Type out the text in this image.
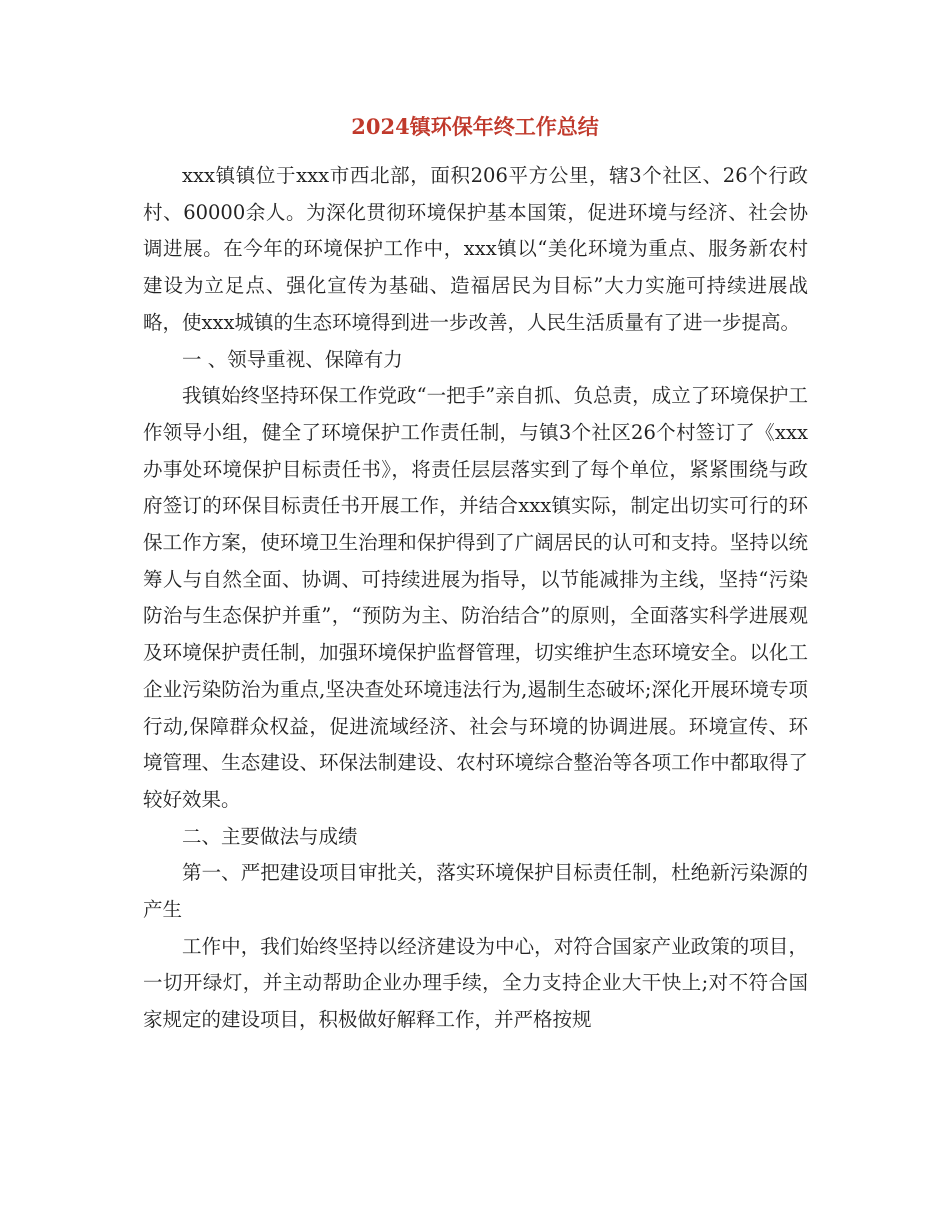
2024镇环保年终工作总结

xxx镇镇位于xxx市西北部，面积206平方公里，辖3个社区、26个行政村、60000余人。为深化贯彻环境保护基本国策，促进环境与经济、社会协调进展。在今年的环境保护工作中，xxx镇以“美化环境为重点、服务新农村建设为立足点、强化宣传为基础、造福居民为目标”大力实施可持续进展战略，使xxx城镇的生态环境得到进一步改善，人民生活质量有了进一步提高。

一 、领导重视、保障有力

我镇始终坚持环保工作党政“一把手”亲自抓、负总责，成立了环境保护工作领导小组，健全了环境保护工作责任制，与镇3个社区26个村签订了《xxx办事处环境保护目标责任书》，将责任层层落实到了每个单位，紧紧围绕与政府签订的环保目标责任书开展工作，并结合xxx镇实际，制定出切实可行的环保工作方案，使环境卫生治理和保护得到了广阔居民的认可和支持。坚持以统筹人与自然全面、协调、可持续进展为指导，以节能减排为主线，坚持“污染防治与生态保护并重”，“预防为主、防治结合”的原则，全面落实科学进展观及环境保护责任制，加强环境保护监督管理，切实维护生态环境安全。以化工企业污染防治为重点,坚决查处环境违法行为,遏制生态破坏;深化开展环境专项行动,保障群众权益，促进流域经济、社会与环境的协调进展。环境宣传、环境管理、生态建设、环保法制建设、农村环境综合整治等各项工作中都取得了较好效果。

二、主要做法与成绩

第一、严把建设项目审批关，落实环境保护目标责任制，杜绝新污染源的产生

工作中，我们始终坚持以经济建设为中心，对符合国家产业政策的项目，一切开绿灯，并主动帮助企业办理手续，全力支持企业大干快上;对不符合国家规定的建设项目，积极做好解释工作，并严格按规
